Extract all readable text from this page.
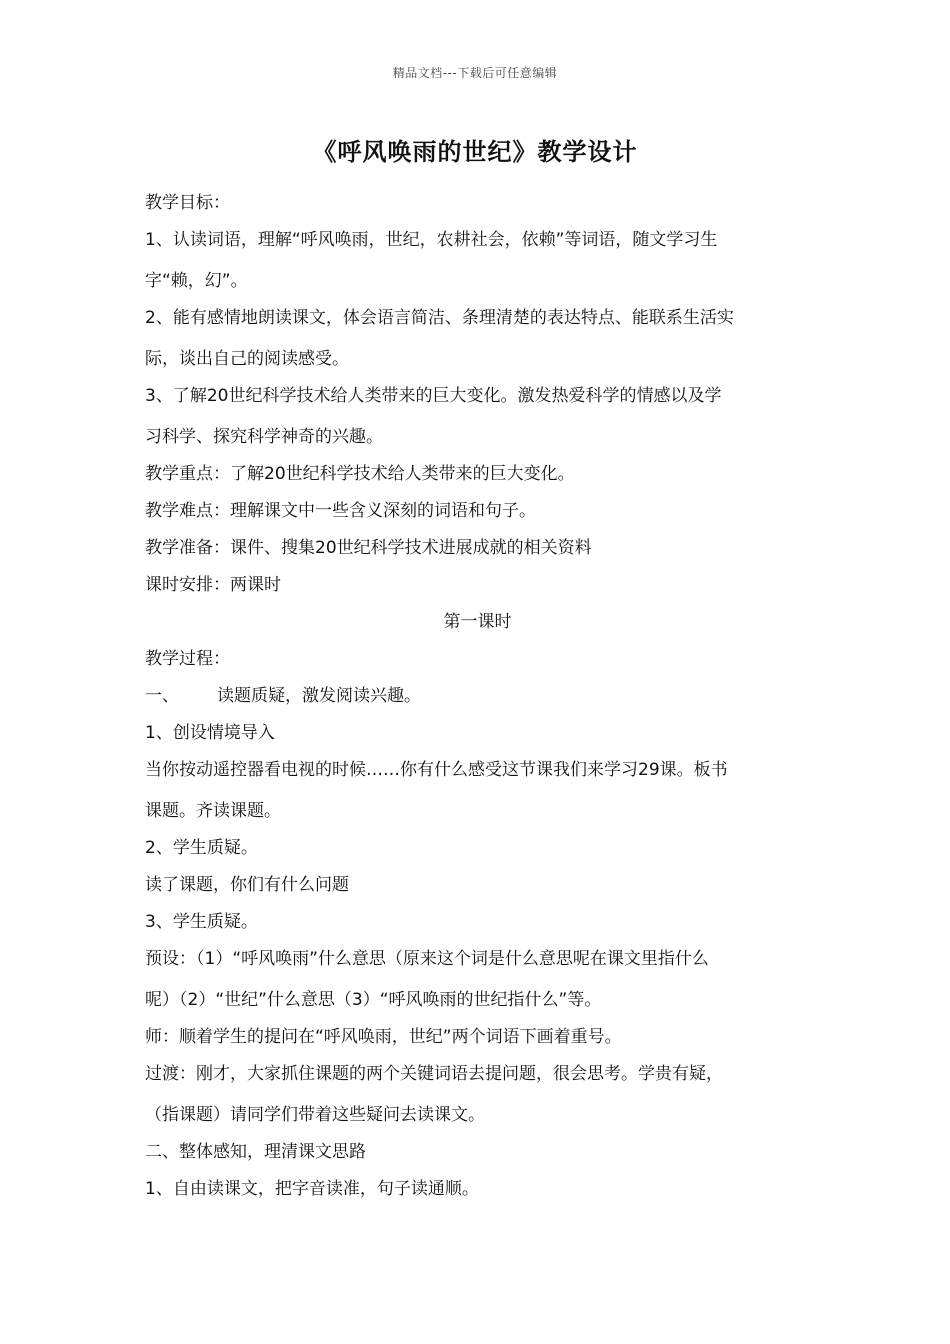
精品文档---下载后可任意编辑
《呼风唤雨的世纪》教学设计
教学目标：
1、认读词语，理解“呼风唤雨，世纪，农耕社会，依赖”等词语，随文学习生
字“赖，幻”。
2、能有感情地朗读课文，体会语言简洁、条理清楚的表达特点、能联系生活实
际，谈出自己的阅读感受。
3、了解20世纪科学技术给人类带来的巨大变化。激发热爱科学的情感以及学
习科学、探究科学神奇的兴趣。
教学重点：了解20世纪科学技术给人类带来的巨大变化。
教学难点：理解课文中一些含义深刻的词语和句子。
教学准备：课件、搜集20世纪科学技术进展成就的相关资料
课时安排：两课时
第一课时
教学过程：
一、 读题质疑，激发阅读兴趣。
1、创设情境导入
当你按动遥控器看电视的时候……你有什么感受这节课我们来学习29课。板书
课题。齐读课题。
2、学生质疑。
读了课题，你们有什么问题
3、学生质疑。
预设：（1）“呼风唤雨”什么意思（原来这个词是什么意思呢在课文里指什么
呢）（2）“世纪”什么意思（3）“呼风唤雨的世纪指什么”等。
师：顺着学生的提问在“呼风唤雨，世纪”两个词语下画着重号。
过渡：刚才，大家抓住课题的两个关键词语去提问题，很会思考。学贵有疑，
（指课题）请同学们带着这些疑问去读课文。
二、整体感知，理清课文思路
1、自由读课文，把字音读准，句子读通顺。
